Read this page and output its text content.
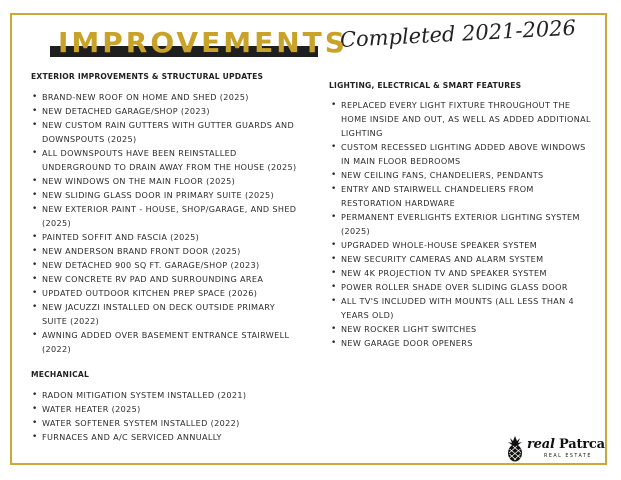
IMPROVEMENTS
Completed 2021-2026
EXTERIOR IMPROVEMENTS & STRUCTURAL UPDATES
• BRAND-NEW ROOF ON HOME AND SHED (2025)
• NEW DETACHED GARAGE/SHOP (2023)
• NEW CUSTOM RAIN GUTTERS WITH GUTTER GUARDS AND DOWNSPOUTS (2025)
• ALL DOWNSPOUTS HAVE BEEN REINSTALLED UNDERGROUND TO DRAIN AWAY FROM THE HOUSE (2025)
• NEW WINDOWS ON THE MAIN FLOOR (2025)
• NEW SLIDING GLASS DOOR IN PRIMARY SUITE (2025)
• NEW EXTERIOR PAINT - HOUSE, SHOP/GARAGE, AND SHED (2025)
• PAINTED SOFFIT AND FASCIA (2025)
• NEW ANDERSON BRAND FRONT DOOR (2025)
• NEW DETACHED 900 SQ FT. GARAGE/SHOP (2023)
• NEW CONCRETE RV PAD AND SURROUNDING AREA
• UPDATED OUTDOOR KITCHEN PREP SPACE (2026)
• NEW JACUZZI INSTALLED ON DECK OUTSIDE PRIMARY SUITE (2022)
• AWNING ADDED OVER BASEMENT ENTRANCE STAIRWELL (2022)
MECHANICAL
• RADON MITIGATION SYSTEM INSTALLED (2021)
• WATER HEATER (2025)
• WATER SOFTENER SYSTEM INSTALLED (2022)
• FURNACES AND A/C SERVICED ANNUALLY
LIGHTING, ELECTRICAL & SMART FEATURES
• REPLACED EVERY LIGHT FIXTURE THROUGHOUT THE HOME INSIDE AND OUT, AS WELL AS ADDED ADDITIONAL LIGHTING
• CUSTOM RECESSED LIGHTING ADDED ABOVE WINDOWS IN MAIN FLOOR BEDROOMS
• NEW CEILING FANS, CHANDELIERS, PENDANTS
• ENTRY AND STAIRWELL CHANDELIERS FROM RESTORATION HARDWARE
• PERMANENT EVERLIGHTS EXTERIOR LIGHTING SYSTEM (2025)
• UPGRADED WHOLE-HOUSE SPEAKER SYSTEM
• NEW SECURITY CAMERAS AND ALARM SYSTEM
• NEW 4K PROJECTION TV AND SPEAKER SYSTEM
• POWER ROLLER SHADE OVER SLIDING GLASS DOOR
• ALL TV'S INCLUDED WITH MOUNTS (ALL LESS THAN 4 YEARS OLD)
• NEW ROCKER LIGHT SWITCHES
• NEW GARAGE DOOR OPENERS
real Patrca
REAL ESTATE
